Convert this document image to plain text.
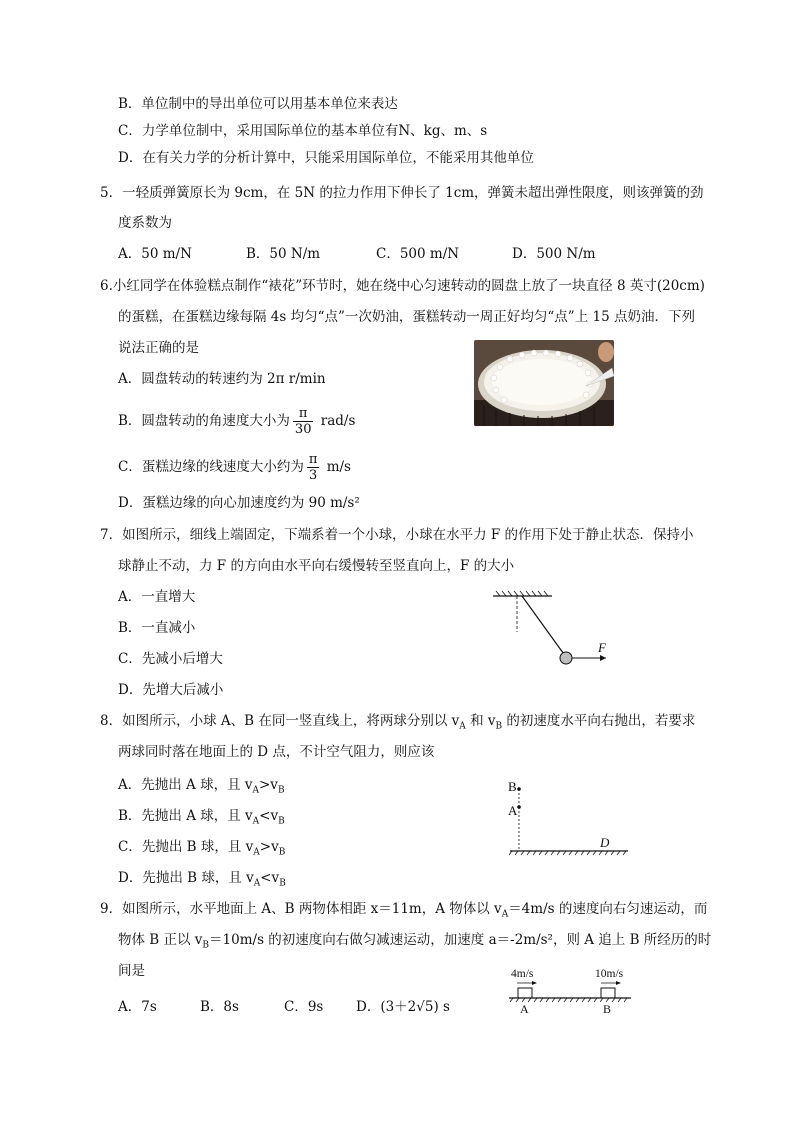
B．单位制中的导出单位可以用基本单位来表达
C．力学单位制中，采用国际单位的基本单位有N、kg、m、s
D．在有关力学的分析计算中，只能采用国际单位，不能采用其他单位
5．一轻质弹簧原长为 9cm，在 5N 的拉力作用下伸长了 1cm，弹簧未超出弹性限度，则该弹簧的劲
度系数为
A．50 m/N	B．50 N/m	C．500 m/N	D．500 N/m
6.小红同学在体验糕点制作“裱花”环节时，她在绕中心匀速转动的圆盘上放了一块直径 8 英寸(20cm)
的蛋糕，在蛋糕边缘每隔 4s 均匀“点”一次奶油，蛋糕转动一周正好均匀“点”上 15 点奶油．下列
说法正确的是
A．圆盘转动的转速约为 2π r/min
B．圆盘转动的角速度大小为 $\frac{\pi}{30} rad/s$
C．蛋糕边缘的线速度大小约为 $\frac{\pi}{3} m/s$
D．蛋糕边缘的向心加速度约为 90 m/s²
7．如图所示，细线上端固定，下端系着一个小球，小球在水平力 F 的作用下处于静止状态．保持小
球静止不动，力 F 的方向由水平向右缓慢转至竖直向上，F 的大小
A．一直增大
B．一直减小
C．先减小后增大
D．先增大后减小
F
8．如图所示，小球 A、B 在同一竖直线上，将两球分别以 $v_A$ 和 $v_B$ 的初速度水平向右抛出，若要求
两球同时落在地面上的 D 点，不计空气阻力，则应该
A．先抛出 A 球，且 $v_A>v_B$
B．先抛出 A 球，且 $v_A<v_B$
C．先抛出 B 球，且 $v_A>v_B$
D．先抛出 B 球，且 $v_A<v_B$
B
A
D
9．如图所示，水平地面上 A、B 两物体相距 x＝11m，A 物体以 $v_A=4m/s$ 的速度向右匀速运动，而
物体 B 正以 $v_B=10m/s$ 的初速度向右做匀减速运动，加速度 a＝-2m/s²，则 A 追上 B 所经历的时
间是
A．7s	B．8s	C．9s D．(3＋2√5) s
4m/s	10m/s
A	B
